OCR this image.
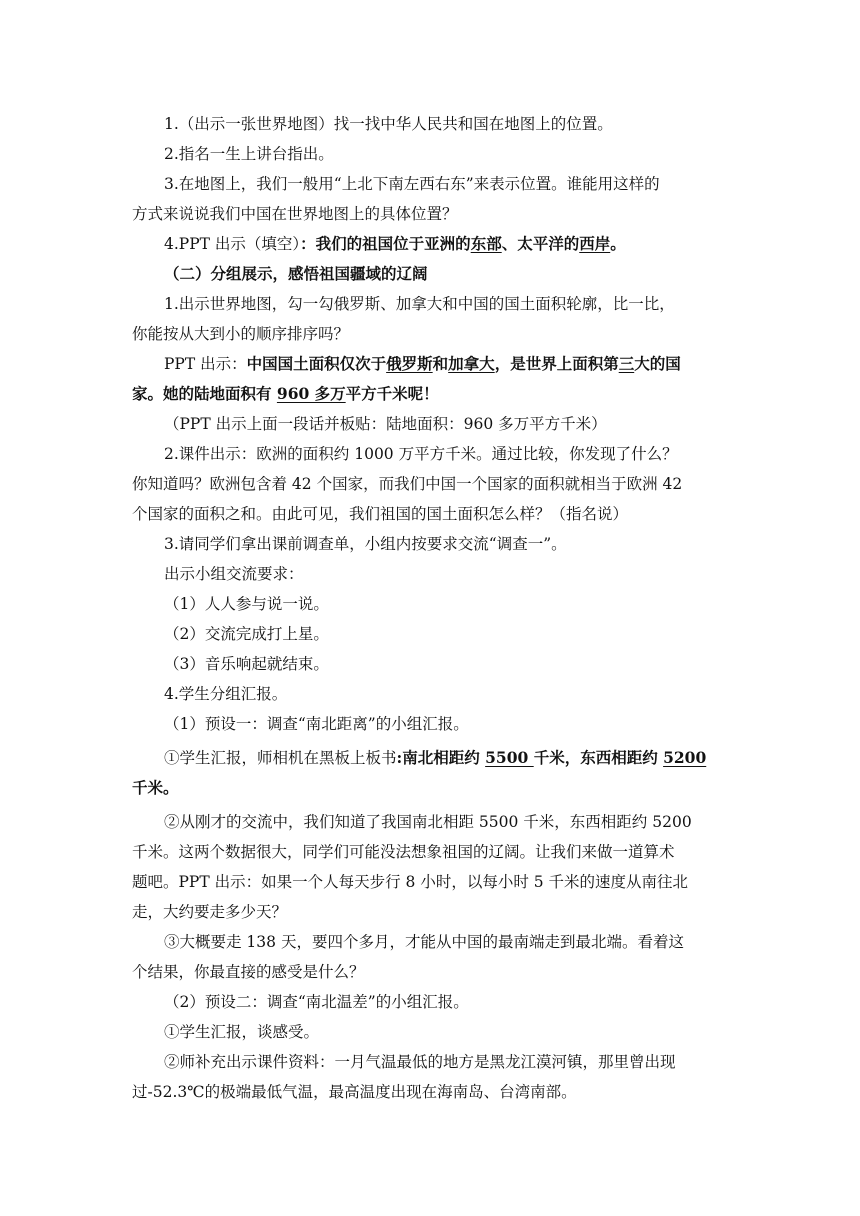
1.（出示一张世界地图）找一找中华人民共和国在地图上的位置。
2.指名一生上讲台指出。
3.在地图上，我们一般用“上北下南左西右东”来表示位置。谁能用这样的
方式来说说我们中国在世界地图上的具体位置？
4.PPT 出示（填空）：我们的祖国位于亚洲的东部、太平洋的西岸。
（二）分组展示，感悟祖国疆域的辽阔
1.出示世界地图，勾一勾俄罗斯、加拿大和中国的国土面积轮廓，比一比，
你能按从大到小的顺序排序吗？
PPT 出示：中国国土面积仅次于俄罗斯和加拿大，是世界上面积第三大的国
家。她的陆地面积有 960 多万平方千米呢！
（PPT 出示上面一段话并板贴：陆地面积：960 多万平方千米）
2.课件出示：欧洲的面积约 1000 万平方千米。通过比较，你发现了什么？
你知道吗？欧洲包含着 42 个国家，而我们中国一个国家的面积就相当于欧洲 42
个国家的面积之和。由此可见，我们祖国的国土面积怎么样？（指名说）
3.请同学们拿出课前调查单，小组内按要求交流“调查一”。
出示小组交流要求：
（1）人人参与说一说。
（2）交流完成打上星。
（3）音乐响起就结束。
4.学生分组汇报。
（1）预设一：调查“南北距离”的小组汇报。
①学生汇报，师相机在黑板上板书:南北相距约 5500 千米，东西相距约 5200
千米。
②从刚才的交流中，我们知道了我国南北相距 5500 千米，东西相距约 5200
千米。这两个数据很大，同学们可能没法想象祖国的辽阔。让我们来做一道算术
题吧。PPT 出示：如果一个人每天步行 8 小时，以每小时 5 千米的速度从南往北
走，大约要走多少天？
③大概要走 138 天，要四个多月，才能从中国的最南端走到最北端。看着这
个结果，你最直接的感受是什么？
（2）预设二：调查“南北温差”的小组汇报。
①学生汇报，谈感受。
②师补充出示课件资料：一月气温最低的地方是黑龙江漠河镇，那里曾出现
过-52.3℃的极端最低气温，最高温度出现在海南岛、台湾南部。
